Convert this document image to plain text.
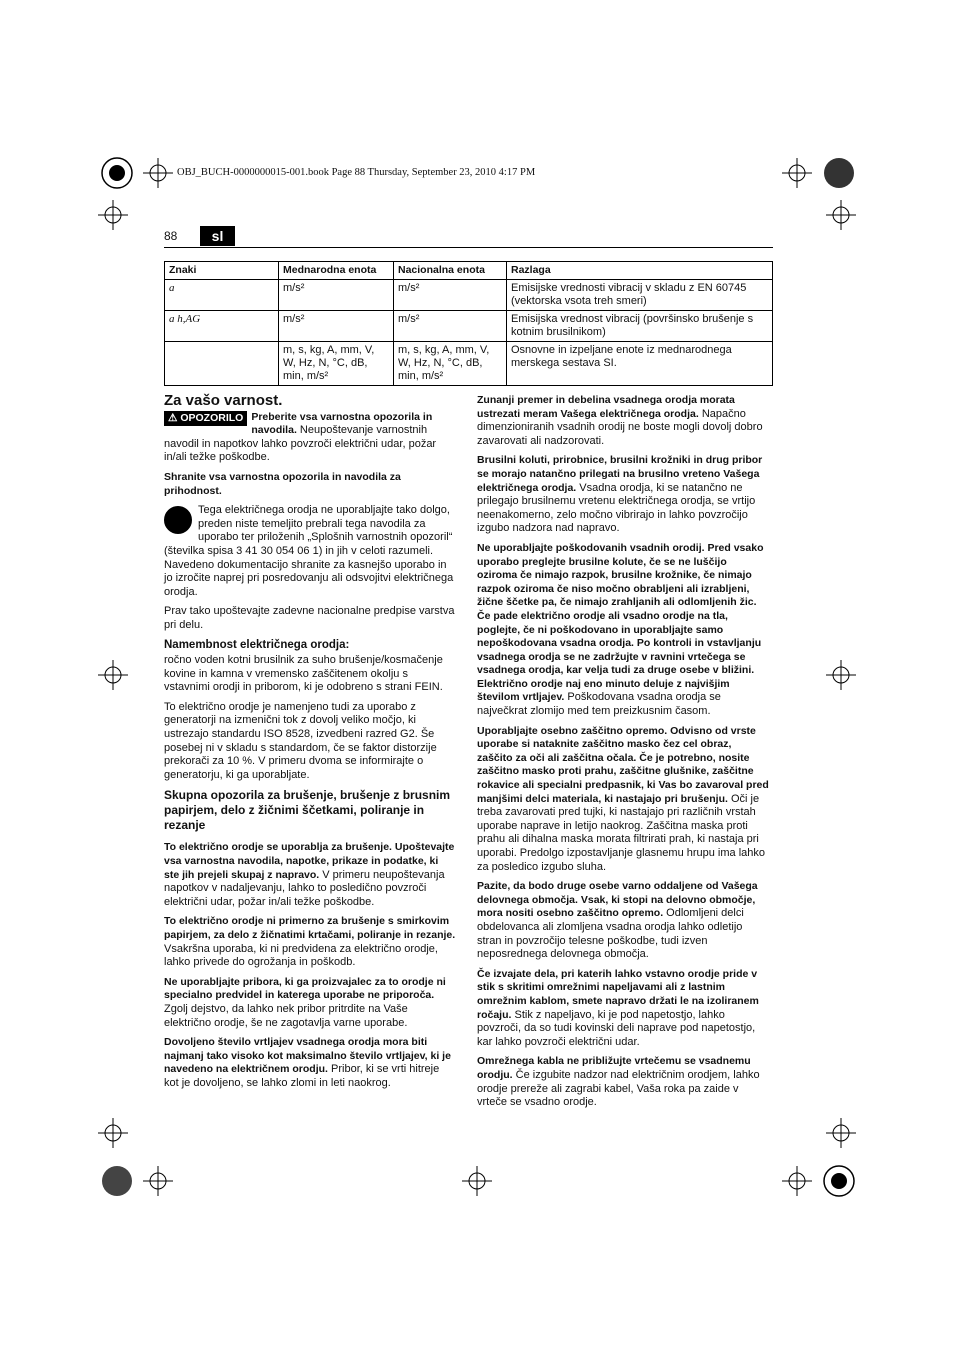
OBJ_BUCH-0000000015-001.book Page 88 Thursday, September 23, 2010 4:17 PM
88	sl
Znaki	Mednarodna enota	Nacionalna enota	Razlaga
a	m/s²	m/s²	Emisijske vrednosti vibracij v skladu z EN 60745 (vektorska vsota treh smeri)
a h,AG	m/s²	m/s²	Emisijska vrednost vibracij (površinsko brušenje s kotnim brusilnikom)
	m, s, kg, A, mm, V, W, Hz, N, °C, dB, min, m/s²	m, s, kg, A, mm, V, W, Hz, N, °C, dB, min, m/s²	Osnovne in izpeljane enote iz mednarodnega merskega sestava SI.
Za vašo varnost.

⚠ OPOZORILO Preberite vsa varnostna opozorila in navodila. Neupoštevanje varnostnih navodil in napotkov lahko povzroči električni udar, požar in/ali težke poškodbe.

Shranite vsa varnostna opozorila in navodila za prihodnost.

Tega električnega orodja ne uporabljajte tako dolgo, preden niste temeljito prebrali tega navodila za uporabo ter priloženih „Splošnih varnostnih opozoril“ (številka spisa 3 41 30 054 06 1) in jih v celoti razumeli. Navedeno dokumentacijo shranite za kasnejšo uporabo in jo izročite naprej pri posredovanju ali odsvojitvi električnega orodja.

Prav tako upoštevajte zadevne nacionalne predpise varstva pri delu.

Namembnost električnega orodja:

ročno voden kotni brusilnik za suho brušenje/kosmačenje kovine in kamna v vremensko zaščitenem okolju s vstavnimi orodji in priborom, ki je odobreno s strani FEIN.

To električno orodje je namenjeno tudi za uporabo z generatorji na izmenični tok z dovolj veliko močjo, ki ustrezajo standardu ISO 8528, izvedbeni razred G2. Še posebej ni v skladu s standardom, če se faktor distorzije prekorači za 10 %. V primeru dvoma se informirajte o generatorju, ki ga uporabljate.

Skupna opozorila za brušenje, brušenje z brusnim papirjem, delo z žičnimi ščetkami, poliranje in rezanje

To električno orodje se uporablja za brušenje. Upoštevajte vsa varnostna navodila, napotke, prikaze in podatke, ki ste jih prejeli skupaj z napravo. V primeru neupoštevanja napotkov v nadaljevanju, lahko to posledično povzroči električni udar, požar in/ali težke poškodbe.

To električno orodje ni primerno za brušenje s smirkovim papirjem, za delo z žičnatimi krtačami, poliranje in rezanje. Vsakršna uporaba, ki ni predvidena za električno orodje, lahko privede do ogrožanja in poškodb.

Ne uporabljajte pribora, ki ga proizvajalec za to orodje ni specialno predvidel in katerega uporabe ne priporoča. Zgolj dejstvo, da lahko nek pribor pritrdite na Vaše električno orodje, še ne zagotavlja varne uporabe.

Dovoljeno število vrtljajev vsadnega orodja mora biti najmanj tako visoko kot maksimalno število vrtljajev, ki je navedeno na električnem orodju. Pribor, ki se vrti hitreje kot je dovoljeno, se lahko zlomi in leti naokrog.

Zunanji premer in debelina vsadnega orodja morata ustrezati meram Vašega električnega orodja. Napačno dimenzioniranih vsadnih orodij ne boste mogli dovolj dobro zavarovati ali nadzorovati.

Brusilni koluti, prirobnice, brusilni krožniki in drug pribor se morajo natančno prilegati na brusilno vreteno Vašega električnega orodja. Vsadna orodja, ki se natančno ne prilegajo brusilnemu vretenu električnega orodja, se vrtijo neenakomerno, zelo močno vibrirajo in lahko povzročijo izgubo nadzora nad napravo.

Ne uporabljajte poškodovanih vsadnih orodij. Pred vsako uporabo preglejte brusilne kolute, če se ne luščijo oziroma če nimajo razpok, brusilne krožnike, če nimajo razpok oziroma če niso močno obrabljeni ali izrabljeni, žične ščetke pa, če nimajo zrahljanih ali odlomljenih žic. Če pade električno orodje ali vsadno orodje na tla, poglejte, če ni poškodovano in uporabljajte samo nepoškodovana vsadna orodja. Po kontroli in vstavljanju vsadnega orodja se ne zadržujte v ravnini vrtečega se vsadnega orodja, kar velja tudi za druge osebe v bližini. Električno orodje naj eno minuto deluje z najvišjim številom vrtljajev. Poškodovana vsadna orodja se največkrat zlomijo med tem preizkusnim časom.

Uporabljajte osebno zaščitno opremo. Odvisno od vrste uporabe si nataknite zaščitno masko čez cel obraz, zaščito za oči ali zaščitna očala. Če je potrebno, nosite zaščitno masko proti prahu, zaščitne glušnike, zaščitne rokavice ali specialni predpasnik, ki Vas bo zavaroval pred manjšimi delci materiala, ki nastajajo pri brušenju. Oči je treba zavarovati pred tujki, ki nastajajo pri različnih vrstah uporabe naprave in letijo naokrog. Zaščitna maska proti prahu ali dihalna maska morata filtrirati prah, ki nastaja pri uporabi. Predolgo izpostavljanje glasnemu hrupu ima lahko za posledico izgubo sluha.

Pazite, da bodo druge osebe varno oddaljene od Vašega delovnega območja. Vsak, ki stopi na delovno območje, mora nositi osebno zaščitno opremo. Odlomljeni delci obdelovanca ali zlomljena vsadna orodja lahko odletijo stran in povzročijo telesne poškodbe, tudi izven neposrednega delovnega območja.

Če izvajate dela, pri katerih lahko vstavno orodje pride v stik s skritimi omrežnimi napeljavami ali z lastnim omrežnim kablom, smete napravo držati le na izoliranem ročaju. Stik z napeljavo, ki je pod napetostjo, lahko povzroči, da so tudi kovinski deli naprave pod napetostjo, kar lahko povzroči električni udar.

Omrežnega kabla ne približujte vrtečemu se vsadnemu orodju. Če izgubite nadzor nad električnim orodjem, lahko orodje prereže ali zagrabi kabel, Vaša roka pa zaide v vrteče se vsadno orodje.
